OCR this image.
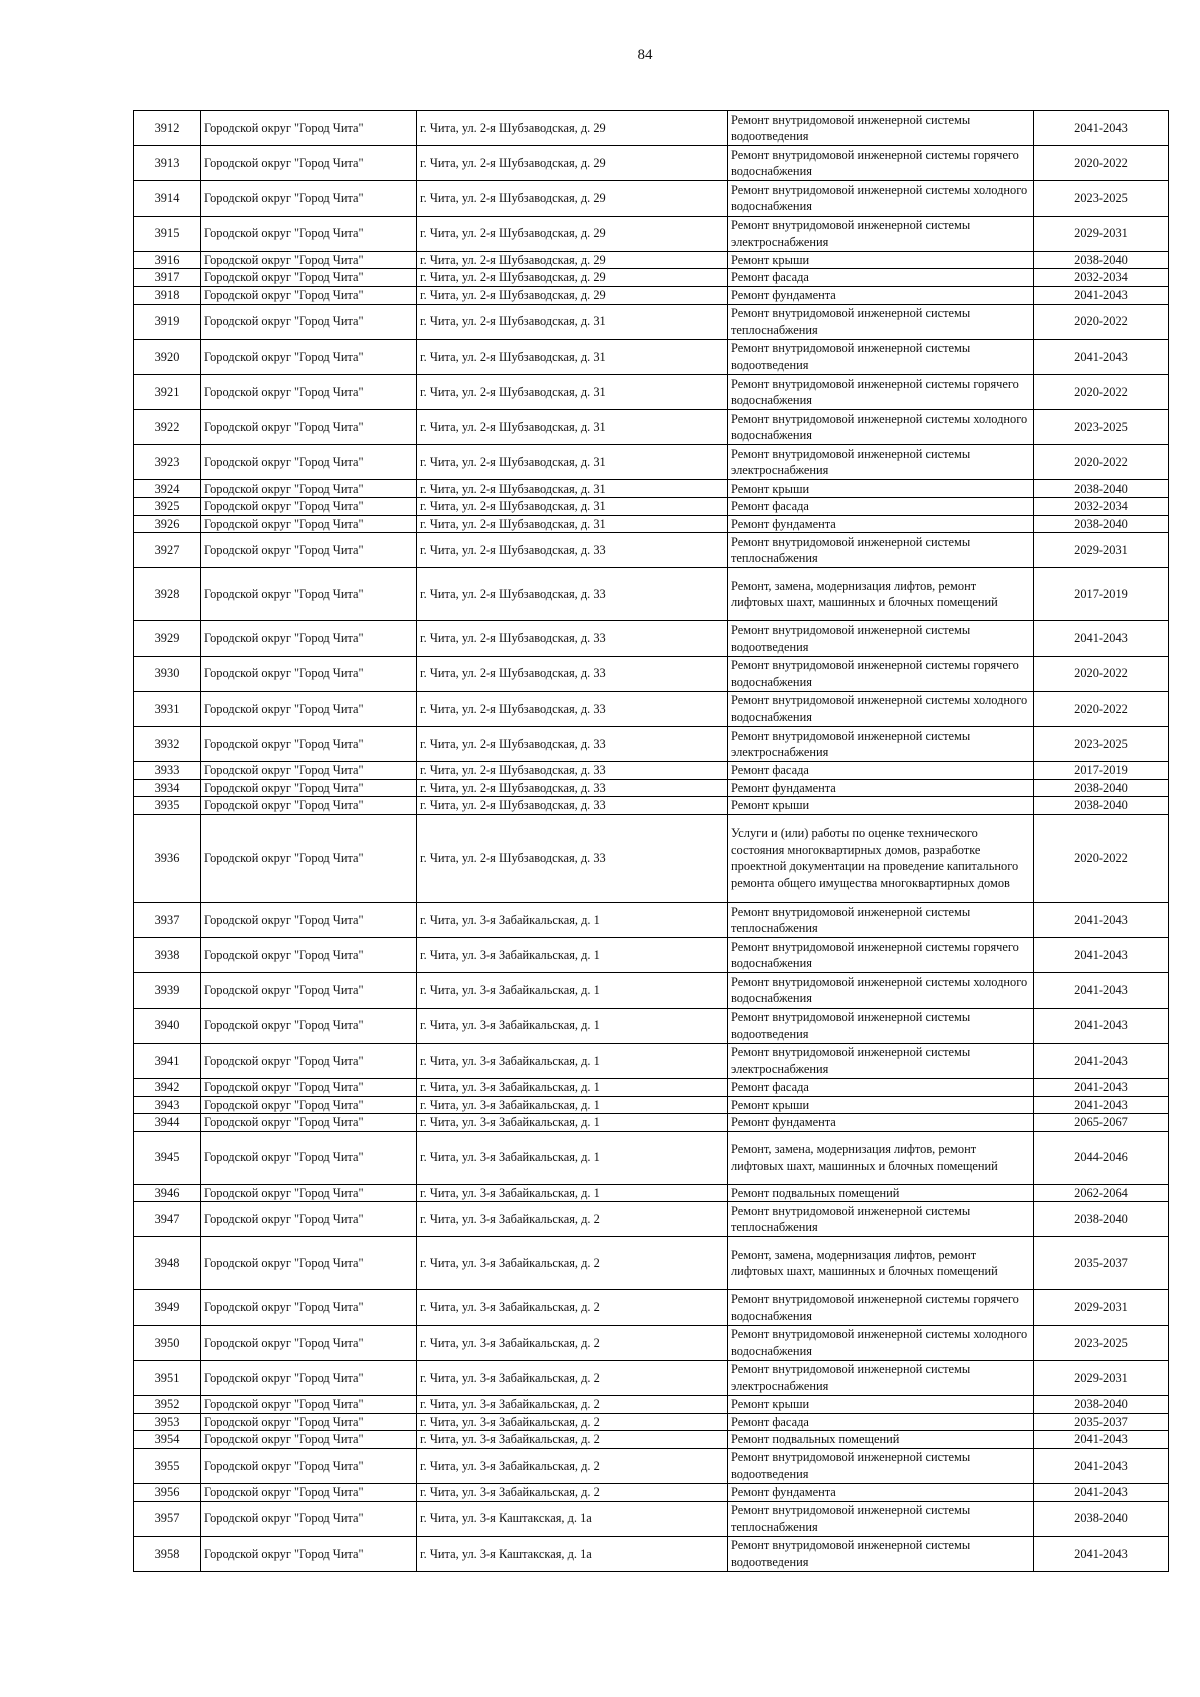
84
3912	Городской округ "Город Чита"	г. Чита, ул. 2-я Шубзаводская, д. 29	Ремонт внутридомовой инженерной системы водоотведения	2041-2043
3913	Городской округ "Город Чита"	г. Чита, ул. 2-я Шубзаводская, д. 29	Ремонт внутридомовой инженерной системы горячего водоснабжения	2020-2022
3914	Городской округ "Город Чита"	г. Чита, ул. 2-я Шубзаводская, д. 29	Ремонт внутридомовой инженерной системы холодного водоснабжения	2023-2025
3915	Городской округ "Город Чита"	г. Чита, ул. 2-я Шубзаводская, д. 29	Ремонт внутридомовой инженерной системы электроснабжения	2029-2031
3916	Городской округ "Город Чита"	г. Чита, ул. 2-я Шубзаводская, д. 29	Ремонт крыши	2038-2040
3917	Городской округ "Город Чита"	г. Чита, ул. 2-я Шубзаводская, д. 29	Ремонт фасада	2032-2034
3918	Городской округ "Город Чита"	г. Чита, ул. 2-я Шубзаводская, д. 29	Ремонт фундамента	2041-2043
3919	Городской округ "Город Чита"	г. Чита, ул. 2-я Шубзаводская, д. 31	Ремонт внутридомовой инженерной системы теплоснабжения	2020-2022
3920	Городской округ "Город Чита"	г. Чита, ул. 2-я Шубзаводская, д. 31	Ремонт внутридомовой инженерной системы водоотведения	2041-2043
3921	Городской округ "Город Чита"	г. Чита, ул. 2-я Шубзаводская, д. 31	Ремонт внутридомовой инженерной системы горячего водоснабжения	2020-2022
3922	Городской округ "Город Чита"	г. Чита, ул. 2-я Шубзаводская, д. 31	Ремонт внутридомовой инженерной системы холодного водоснабжения	2023-2025
3923	Городской округ "Город Чита"	г. Чита, ул. 2-я Шубзаводская, д. 31	Ремонт внутридомовой инженерной системы электроснабжения	2020-2022
3924	Городской округ "Город Чита"	г. Чита, ул. 2-я Шубзаводская, д. 31	Ремонт крыши	2038-2040
3925	Городской округ "Город Чита"	г. Чита, ул. 2-я Шубзаводская, д. 31	Ремонт фасада	2032-2034
3926	Городской округ "Город Чита"	г. Чита, ул. 2-я Шубзаводская, д. 31	Ремонт фундамента	2038-2040
3927	Городской округ "Город Чита"	г. Чита, ул. 2-я Шубзаводская, д. 33	Ремонт внутридомовой инженерной системы теплоснабжения	2029-2031
3928	Городской округ "Город Чита"	г. Чита, ул. 2-я Шубзаводская, д. 33	Ремонт, замена, модернизация лифтов, ремонт лифтовых шахт, машинных и блочных помещений	2017-2019
3929	Городской округ "Город Чита"	г. Чита, ул. 2-я Шубзаводская, д. 33	Ремонт внутридомовой инженерной системы водоотведения	2041-2043
3930	Городской округ "Город Чита"	г. Чита, ул. 2-я Шубзаводская, д. 33	Ремонт внутридомовой инженерной системы горячего водоснабжения	2020-2022
3931	Городской округ "Город Чита"	г. Чита, ул. 2-я Шубзаводская, д. 33	Ремонт внутридомовой инженерной системы холодного водоснабжения	2020-2022
3932	Городской округ "Город Чита"	г. Чита, ул. 2-я Шубзаводская, д. 33	Ремонт внутридомовой инженерной системы электроснабжения	2023-2025
3933	Городской округ "Город Чита"	г. Чита, ул. 2-я Шубзаводская, д. 33	Ремонт фасада	2017-2019
3934	Городской округ "Город Чита"	г. Чита, ул. 2-я Шубзаводская, д. 33	Ремонт фундамента	2038-2040
3935	Городской округ "Город Чита"	г. Чита, ул. 2-я Шубзаводская, д. 33	Ремонт крыши	2038-2040
3936	Городской округ "Город Чита"	г. Чита, ул. 2-я Шубзаводская, д. 33	Услуги и (или) работы по оценке технического состояния многоквартирных домов, разработке проектной документации на проведение капитального ремонта общего имущества многоквартирных домов	2020-2022
3937	Городской округ "Город Чита"	г. Чита, ул. 3-я Забайкальская, д. 1	Ремонт внутридомовой инженерной системы теплоснабжения	2041-2043
3938	Городской округ "Город Чита"	г. Чита, ул. 3-я Забайкальская, д. 1	Ремонт внутридомовой инженерной системы горячего водоснабжения	2041-2043
3939	Городской округ "Город Чита"	г. Чита, ул. 3-я Забайкальская, д. 1	Ремонт внутридомовой инженерной системы холодного водоснабжения	2041-2043
3940	Городской округ "Город Чита"	г. Чита, ул. 3-я Забайкальская, д. 1	Ремонт внутридомовой инженерной системы водоотведения	2041-2043
3941	Городской округ "Город Чита"	г. Чита, ул. 3-я Забайкальская, д. 1	Ремонт внутридомовой инженерной системы электроснабжения	2041-2043
3942	Городской округ "Город Чита"	г. Чита, ул. 3-я Забайкальская, д. 1	Ремонт фасада	2041-2043
3943	Городской округ "Город Чита"	г. Чита, ул. 3-я Забайкальская, д. 1	Ремонт крыши	2041-2043
3944	Городской округ "Город Чита"	г. Чита, ул. 3-я Забайкальская, д. 1	Ремонт фундамента	2065-2067
3945	Городской округ "Город Чита"	г. Чита, ул. 3-я Забайкальская, д. 1	Ремонт, замена, модернизация лифтов, ремонт лифтовых шахт, машинных и блочных помещений	2044-2046
3946	Городской округ "Город Чита"	г. Чита, ул. 3-я Забайкальская, д. 1	Ремонт подвальных помещений	2062-2064
3947	Городской округ "Город Чита"	г. Чита, ул. 3-я Забайкальская, д. 2	Ремонт внутридомовой инженерной системы теплоснабжения	2038-2040
3948	Городской округ "Город Чита"	г. Чита, ул. 3-я Забайкальская, д. 2	Ремонт, замена, модернизация лифтов, ремонт лифтовых шахт, машинных и блочных помещений	2035-2037
3949	Городской округ "Город Чита"	г. Чита, ул. 3-я Забайкальская, д. 2	Ремонт внутридомовой инженерной системы горячего водоснабжения	2029-2031
3950	Городской округ "Город Чита"	г. Чита, ул. 3-я Забайкальская, д. 2	Ремонт внутридомовой инженерной системы холодного водоснабжения	2023-2025
3951	Городской округ "Город Чита"	г. Чита, ул. 3-я Забайкальская, д. 2	Ремонт внутридомовой инженерной системы электроснабжения	2029-2031
3952	Городской округ "Город Чита"	г. Чита, ул. 3-я Забайкальская, д. 2	Ремонт крыши	2038-2040
3953	Городской округ "Город Чита"	г. Чита, ул. 3-я Забайкальская, д. 2	Ремонт фасада	2035-2037
3954	Городской округ "Город Чита"	г. Чита, ул. 3-я Забайкальская, д. 2	Ремонт подвальных помещений	2041-2043
3955	Городской округ "Город Чита"	г. Чита, ул. 3-я Забайкальская, д. 2	Ремонт внутридомовой инженерной системы водоотведения	2041-2043
3956	Городской округ "Город Чита"	г. Чита, ул. 3-я Забайкальская, д. 2	Ремонт фундамента	2041-2043
3957	Городской округ "Город Чита"	г. Чита, ул. 3-я Каштакская, д. 1а	Ремонт внутридомовой инженерной системы теплоснабжения	2038-2040
3958	Городской округ "Город Чита"	г. Чита, ул. 3-я Каштакская, д. 1а	Ремонт внутридомовой инженерной системы водоотведения	2041-2043
